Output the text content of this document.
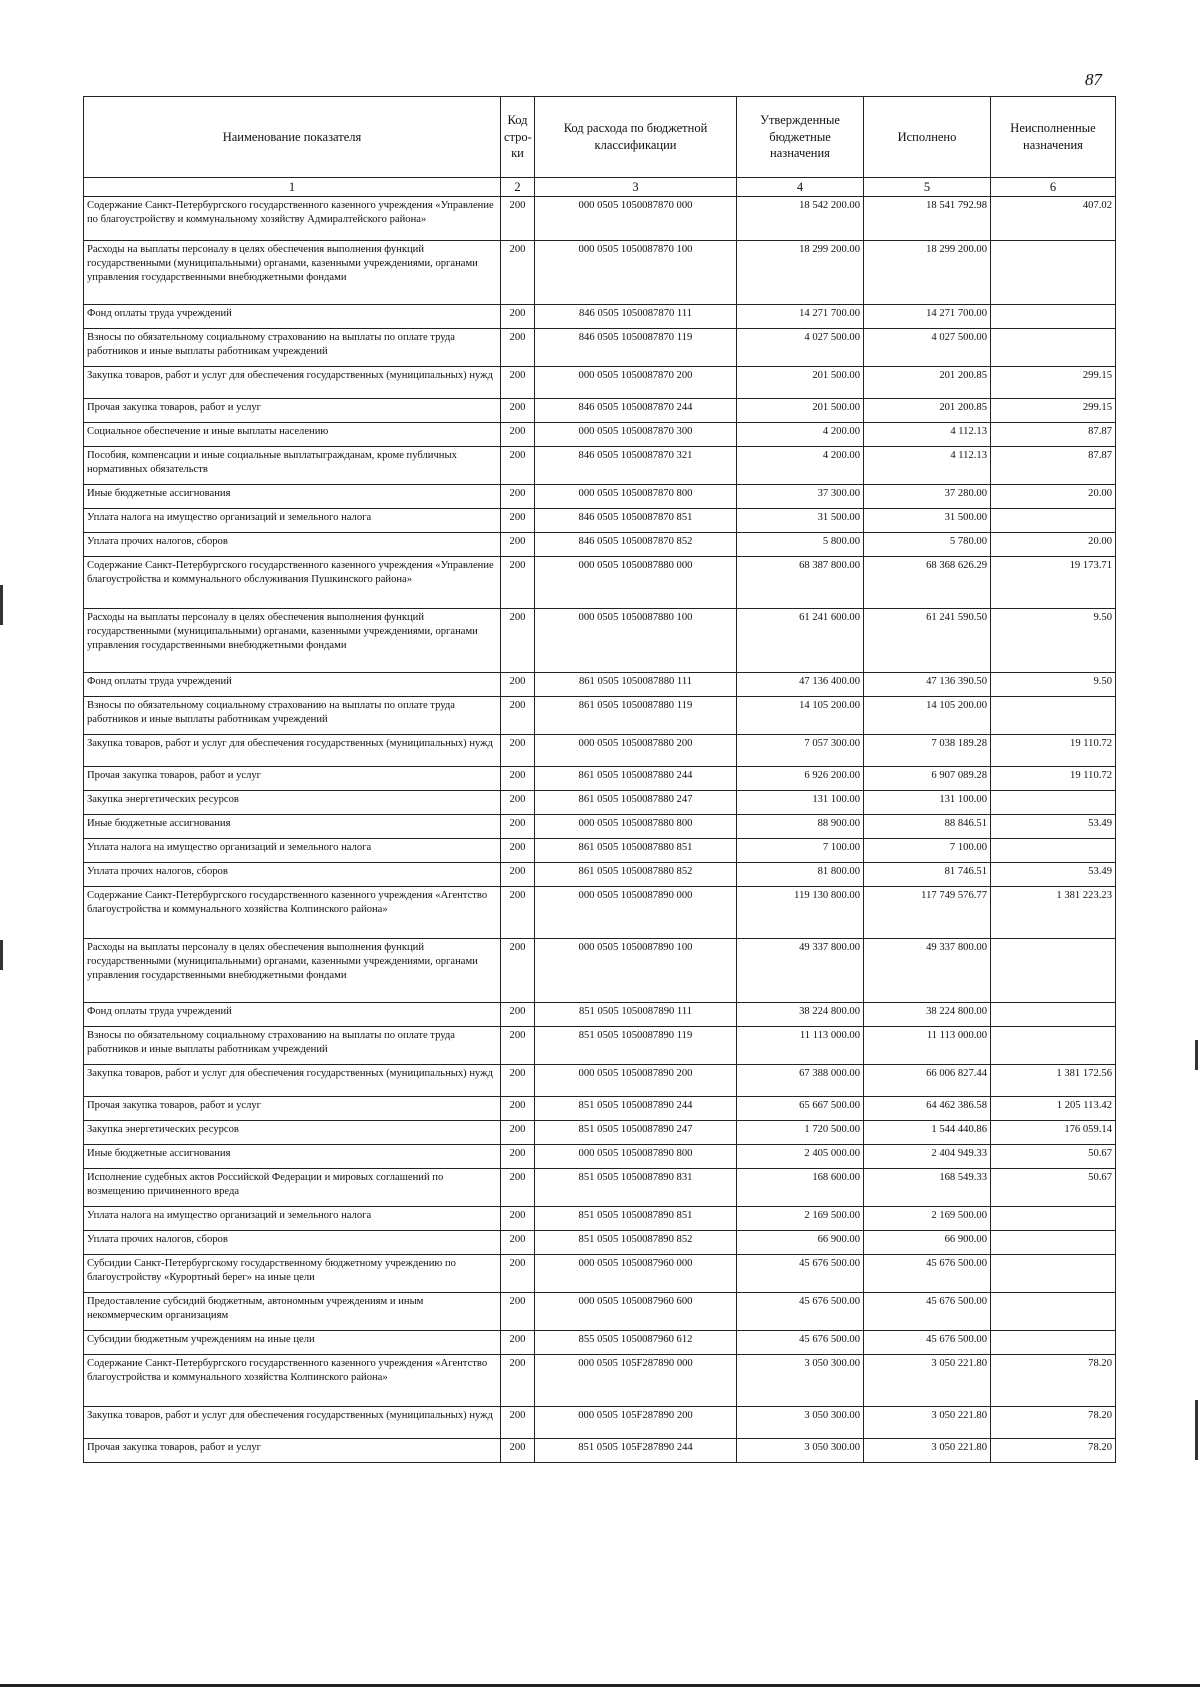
87
Наименование показателя	Код стро-ки	Код расхода по бюджетной классификации	Утвержденные бюджетные назначения	Исполнено	Неисполненные назначения
1	2	3	4	5	6
Содержание Санкт-Петербургского государственного казенного учреждения «Управление по благоустройству и коммунальному хозяйству Адмиралтейского района»	200	000 0505 1050087870 000	18 542 200.00	18 541 792.98	407.02
Расходы на выплаты персоналу в целях обеспечения выполнения функций государственными (муниципальными) органами, казенными учреждениями, органами управления государственными внебюджетными фондами	200	000 0505 1050087870 100	18 299 200.00	18 299 200.00	
Фонд оплаты труда учреждений	200	846 0505 1050087870 111	14 271 700.00	14 271 700.00	
Взносы по обязательному социальному страхованию на выплаты по оплате труда работников и иные выплаты работникам учреждений	200	846 0505 1050087870 119	4 027 500.00	4 027 500.00	
Закупка товаров, работ и услуг для обеспечения государственных (муниципальных) нужд	200	000 0505 1050087870 200	201 500.00	201 200.85	299.15
Прочая закупка товаров, работ и услуг	200	846 0505 1050087870 244	201 500.00	201 200.85	299.15
Социальное обеспечение и иные выплаты населению	200	000 0505 1050087870 300	4 200.00	4 112.13	87.87
Пособия, компенсации и иные социальные выплатыгражданам, кроме публичных нормативных обязательств	200	846 0505 1050087870 321	4 200.00	4 112.13	87.87
Иные бюджетные ассигнования	200	000 0505 1050087870 800	37 300.00	37 280.00	20.00
Уплата налога на имущество организаций и земельного налога	200	846 0505 1050087870 851	31 500.00	31 500.00	
Уплата прочих налогов, сборов	200	846 0505 1050087870 852	5 800.00	5 780.00	20.00
Содержание Санкт-Петербургского государственного казенного учреждения «Управление благоустройства и коммунального обслуживания Пушкинского района»	200	000 0505 1050087880 000	68 387 800.00	68 368 626.29	19 173.71
Расходы на выплаты персоналу в целях обеспечения выполнения функций государственными (муниципальными) органами, казенными учреждениями, органами управления государственными внебюджетными фондами	200	000 0505 1050087880 100	61 241 600.00	61 241 590.50	9.50
Фонд оплаты труда учреждений	200	861 0505 1050087880 111	47 136 400.00	47 136 390.50	9.50
Взносы по обязательному социальному страхованию на выплаты по оплате труда работников и иные выплаты работникам учреждений	200	861 0505 1050087880 119	14 105 200.00	14 105 200.00	
Закупка товаров, работ и услуг для обеспечения государственных (муниципальных) нужд	200	000 0505 1050087880 200	7 057 300.00	7 038 189.28	19 110.72
Прочая закупка товаров, работ и услуг	200	861 0505 1050087880 244	6 926 200.00	6 907 089.28	19 110.72
Закупка энергетических ресурсов	200	861 0505 1050087880 247	131 100.00	131 100.00	
Иные бюджетные ассигнования	200	000 0505 1050087880 800	88 900.00	88 846.51	53.49
Уплата налога на имущество организаций и земельного налога	200	861 0505 1050087880 851	7 100.00	7 100.00	
Уплата прочих налогов, сборов	200	861 0505 1050087880 852	81 800.00	81 746.51	53.49
Содержание Санкт-Петербургского государственного казенного учреждения «Агентство благоустройства и коммунального хозяйства Колпинского района»	200	000 0505 1050087890 000	119 130 800.00	117 749 576.77	1 381 223.23
Расходы на выплаты персоналу в целях обеспечения выполнения функций государственными (муниципальными) органами, казенными учреждениями, органами управления государственными внебюджетными фондами	200	000 0505 1050087890 100	49 337 800.00	49 337 800.00	
Фонд оплаты труда учреждений	200	851 0505 1050087890 111	38 224 800.00	38 224 800.00	
Взносы по обязательному социальному страхованию на выплаты по оплате труда работников и иные выплаты работникам учреждений	200	851 0505 1050087890 119	11 113 000.00	11 113 000.00	
Закупка товаров, работ и услуг для обеспечения государственных (муниципальных) нужд	200	000 0505 1050087890 200	67 388 000.00	66 006 827.44	1 381 172.56
Прочая закупка товаров, работ и услуг	200	851 0505 1050087890 244	65 667 500.00	64 462 386.58	1 205 113.42
Закупка энергетических ресурсов	200	851 0505 1050087890 247	1 720 500.00	1 544 440.86	176 059.14
Иные бюджетные ассигнования	200	000 0505 1050087890 800	2 405 000.00	2 404 949.33	50.67
Исполнение судебных актов Российской Федерации и мировых соглашений по возмещению причиненного вреда	200	851 0505 1050087890 831	168 600.00	168 549.33	50.67
Уплата налога на имущество организаций и земельного налога	200	851 0505 1050087890 851	2 169 500.00	2 169 500.00	
Уплата прочих налогов, сборов	200	851 0505 1050087890 852	66 900.00	66 900.00	
Субсидии Санкт-Петербургскому государственному бюджетному учреждению по благоустройству «Курортный берег» на иные цели	200	000 0505 1050087960 000	45 676 500.00	45 676 500.00	
Предоставление субсидий бюджетным, автономным учреждениям и иным некоммерческим организациям	200	000 0505 1050087960 600	45 676 500.00	45 676 500.00	
Субсидии бюджетным учреждениям на иные цели	200	855 0505 1050087960 612	45 676 500.00	45 676 500.00	
Содержание Санкт-Петербургского государственного казенного учреждения «Агентство благоустройства и коммунального хозяйства Колпинского района»	200	000 0505 105F287890 000	3 050 300.00	3 050 221.80	78.20
Закупка товаров, работ и услуг для обеспечения государственных (муниципальных) нужд	200	000 0505 105F287890 200	3 050 300.00	3 050 221.80	78.20
Прочая закупка товаров, работ и услуг	200	851 0505 105F287890 244	3 050 300.00	3 050 221.80	78.20
